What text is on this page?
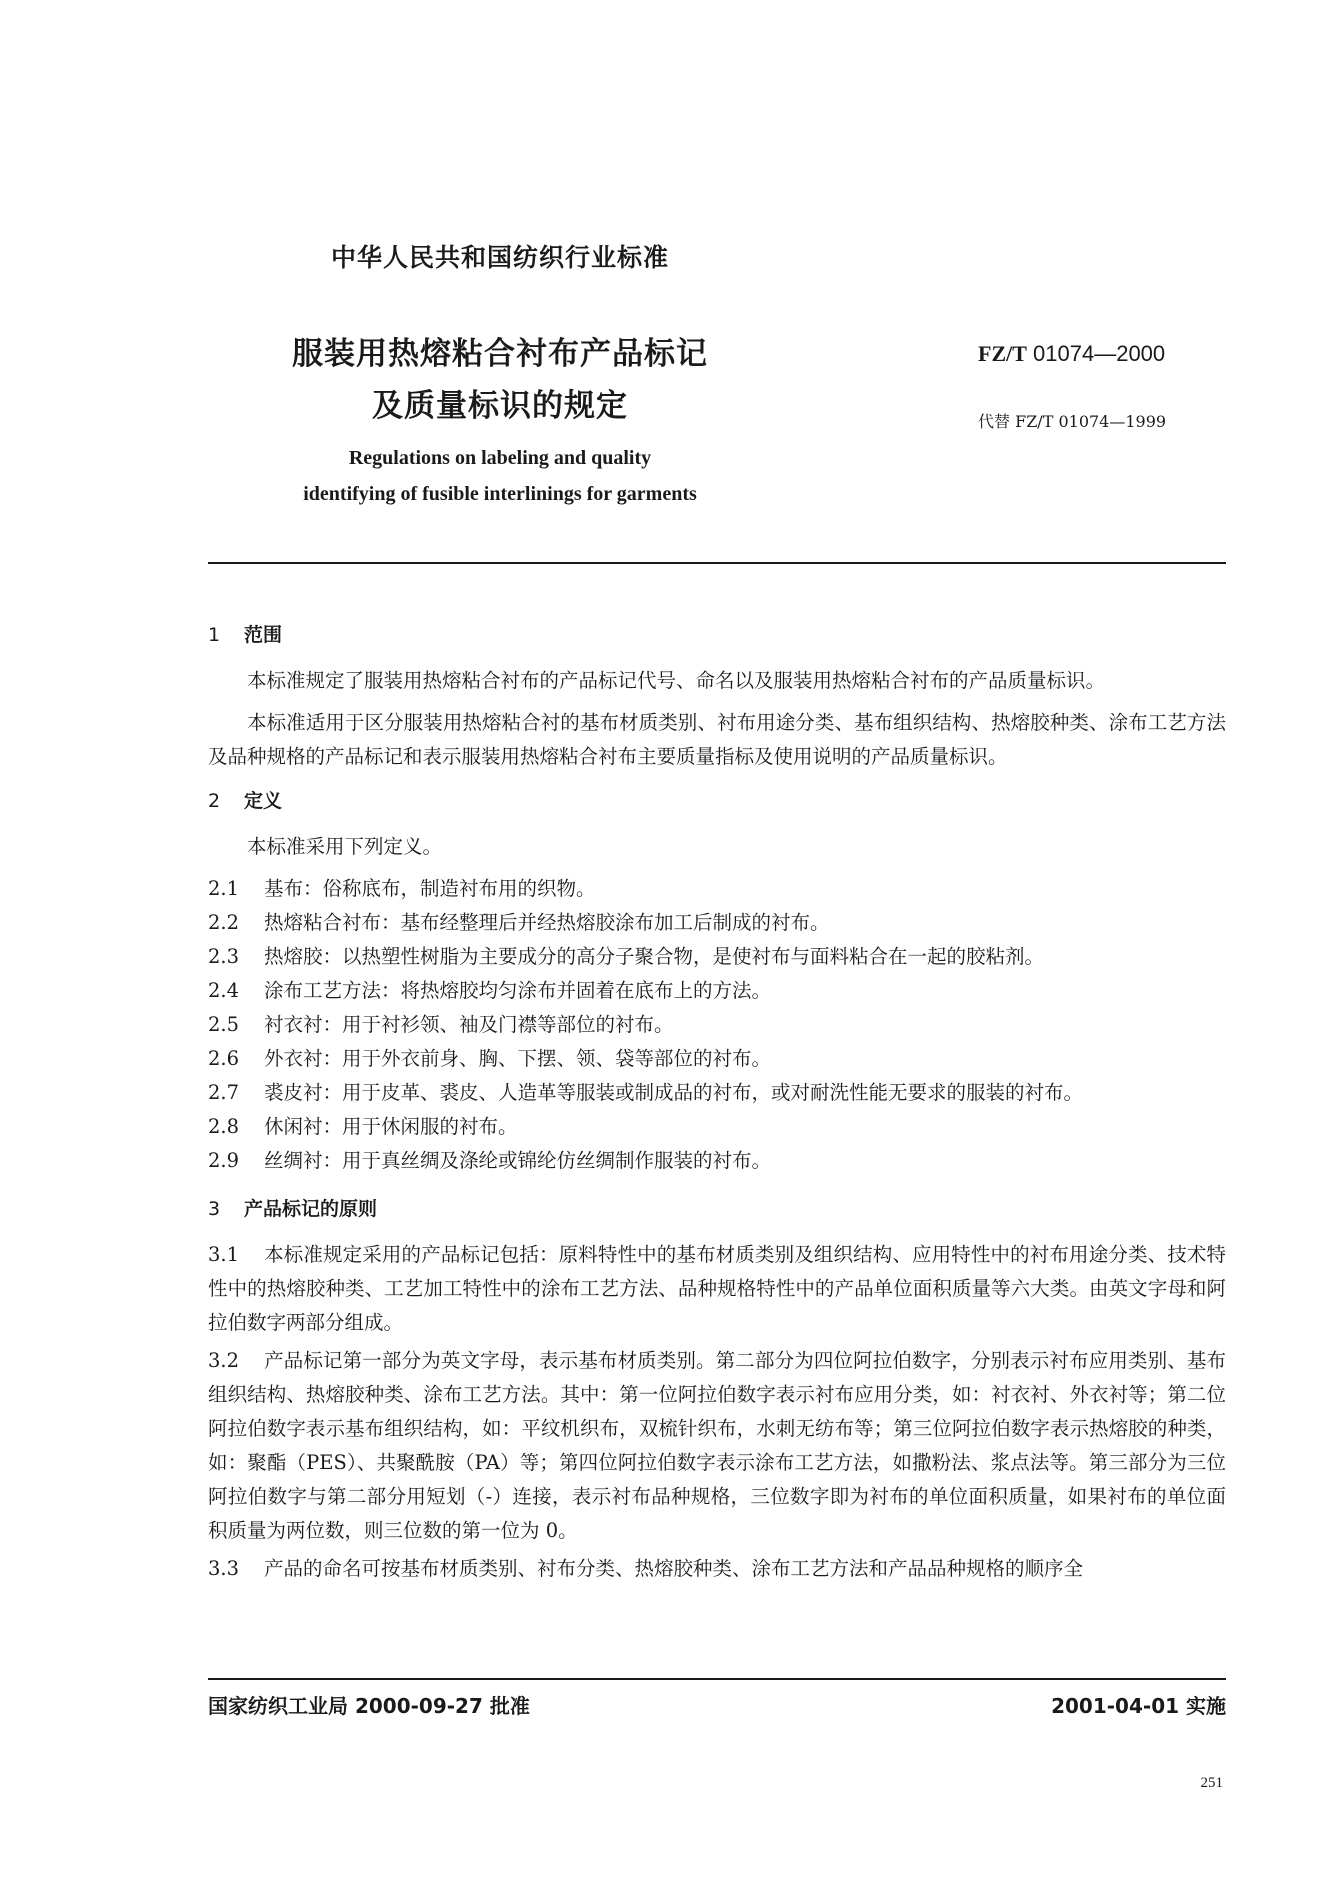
中华人民共和国纺织行业标准
服装用热熔粘合衬布产品标记
及质量标识的规定
FZ/T 01074—2000
代替 FZ/T 01074—1999
Regulations on labeling and quality
identifying of fusible interlinings for garments
1 范围
本标准规定了服装用热熔粘合衬布的产品标记代号、命名以及服装用热熔粘合衬布的产品质量标识。
本标准适用于区分服装用热熔粘合衬的基布材质类别、衬布用途分类、基布组织结构、热熔胶种类、涂布工艺方法及品种规格的产品标记和表示服装用热熔粘合衬布主要质量指标及使用说明的产品质量标识。
2 定义
本标准采用下列定义。
2.1 基布：俗称底布，制造衬布用的织物。
2.2 热熔粘合衬布：基布经整理后并经热熔胶涂布加工后制成的衬布。
2.3 热熔胶：以热塑性树脂为主要成分的高分子聚合物，是使衬布与面料粘合在一起的胶粘剂。
2.4 涂布工艺方法：将热熔胶均匀涂布并固着在底布上的方法。
2.5 衬衣衬：用于衬衫领、袖及门襟等部位的衬布。
2.6 外衣衬：用于外衣前身、胸、下摆、领、袋等部位的衬布。
2.7 裘皮衬：用于皮革、裘皮、人造革等服装或制成品的衬布，或对耐洗性能无要求的服装的衬布。
2.8 休闲衬：用于休闲服的衬布。
2.9 丝绸衬：用于真丝绸及涤纶或锦纶仿丝绸制作服装的衬布。
3 产品标记的原则
3.1 本标准规定采用的产品标记包括：原料特性中的基布材质类别及组织结构、应用特性中的衬布用途分类、技术特性中的热熔胶种类、工艺加工特性中的涂布工艺方法、品种规格特性中的产品单位面积质量等六大类。由英文字母和阿拉伯数字两部分组成。
3.2 产品标记第一部分为英文字母，表示基布材质类别。第二部分为四位阿拉伯数字，分别表示衬布应用类别、基布组织结构、热熔胶种类、涂布工艺方法。其中：第一位阿拉伯数字表示衬布应用分类，如：衬衣衬、外衣衬等；第二位阿拉伯数字表示基布组织结构，如：平纹机织布，双梳针织布，水刺无纺布等；第三位阿拉伯数字表示热熔胶的种类，如：聚酯（PES）、共聚酰胺（PA）等；第四位阿拉伯数字表示涂布工艺方法，如撒粉法、浆点法等。第三部分为三位阿拉伯数字与第二部分用短划（-）连接，表示衬布品种规格，三位数字即为衬布的单位面积质量，如果衬布的单位面积质量为两位数，则三位数的第一位为 0。
3.3 产品的命名可按基布材质类别、衬布分类、热熔胶种类、涂布工艺方法和产品品种规格的顺序全
国家纺织工业局 2000-09-27 批准	2001-04-01 实施
251
